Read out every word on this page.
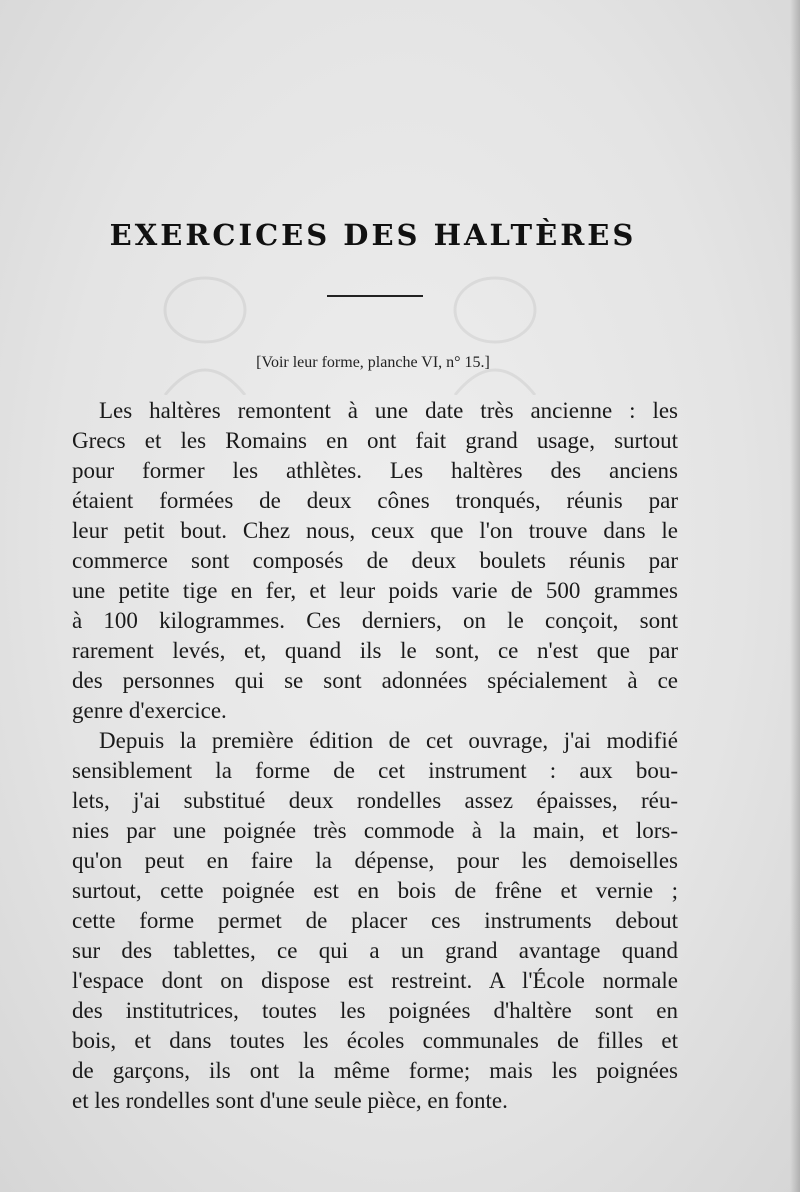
EXERCICES DES HALTÈRES
[Voir leur forme, planche VI, n° 15.]
Les haltères remontent à une date très ancienne : les
Grecs et les Romains en ont fait grand usage, surtout
pour former les athlètes. Les haltères des anciens
étaient formées de deux cônes tronqués, réunis par
leur petit bout. Chez nous, ceux que l'on trouve dans le
commerce sont composés de deux boulets réunis par
une petite tige en fer, et leur poids varie de 500 grammes
à 100 kilogrammes. Ces derniers, on le conçoit, sont
rarement levés, et, quand ils le sont, ce n'est que par
des personnes qui se sont adonnées spécialement à ce
genre d'exercice.
Depuis la première édition de cet ouvrage, j'ai modifié
sensiblement la forme de cet instrument : aux bou-
lets, j'ai substitué deux rondelles assez épaisses, réu-
nies par une poignée très commode à la main, et lors-
qu'on peut en faire la dépense, pour les demoiselles
surtout, cette poignée est en bois de frêne et vernie ;
cette forme permet de placer ces instruments debout
sur des tablettes, ce qui a un grand avantage quand
l'espace dont on dispose est restreint. A l'École normale
des institutrices, toutes les poignées d'haltère sont en
bois, et dans toutes les écoles communales de filles et
de garçons, ils ont la même forme; mais les poignées
et les rondelles sont d'une seule pièce, en fonte.
